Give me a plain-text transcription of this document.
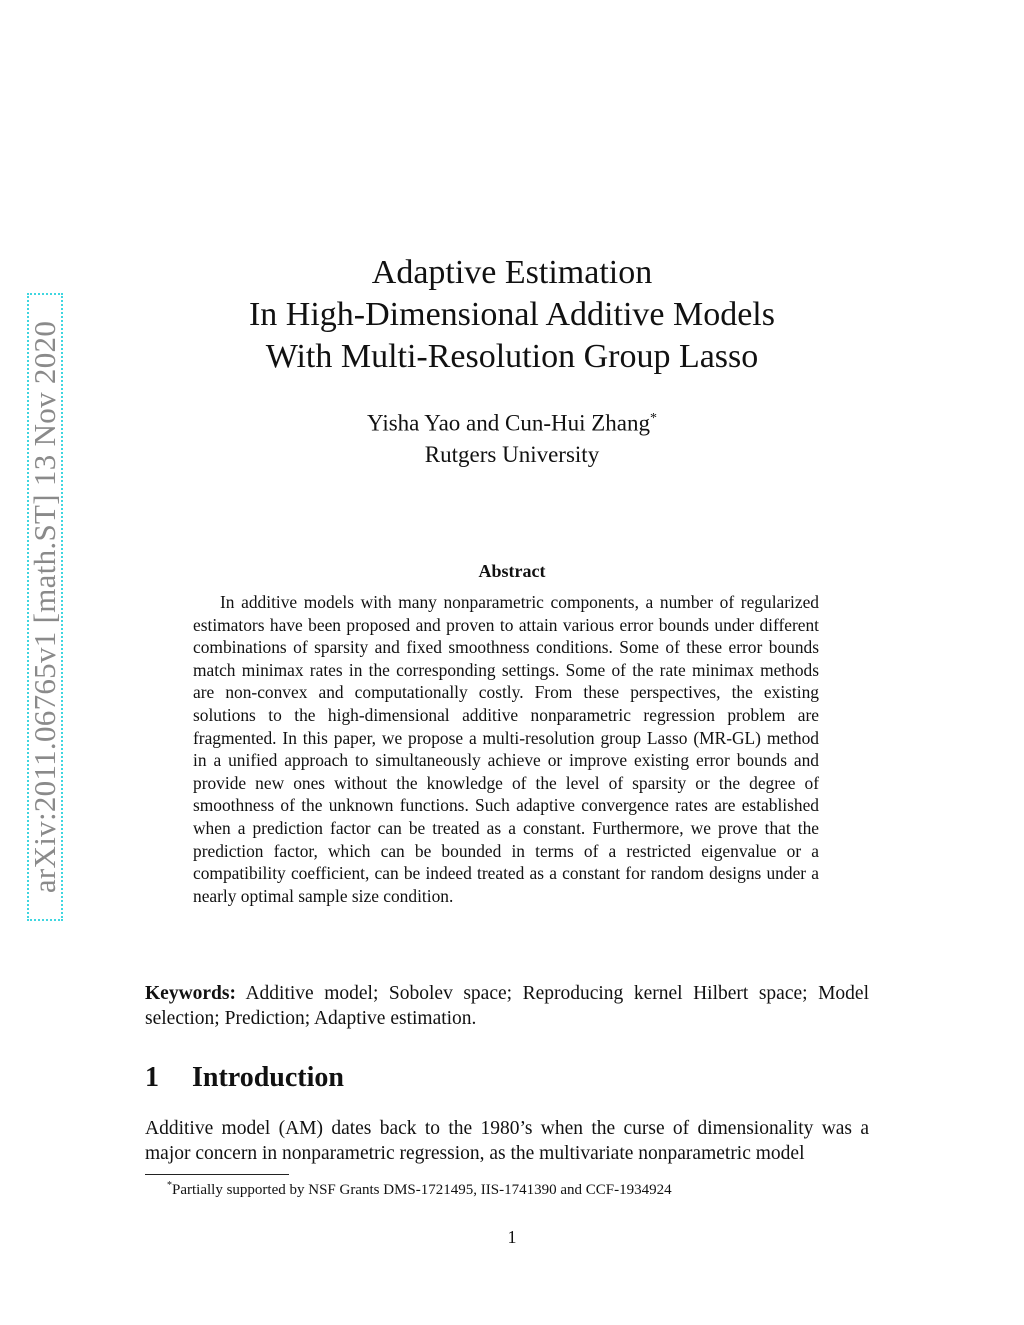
arXiv:2011.06765v1 [math.ST] 13 Nov 2020
Adaptive Estimation
In High-Dimensional Additive Models
With Multi-Resolution Group Lasso
Yisha Yao and Cun-Hui Zhang*
Rutgers University
Abstract

In additive models with many nonparametric components, a number of regularized estimators have been proposed and proven to attain various error bounds under different combinations of sparsity and fixed smoothness conditions. Some of these error bounds match minimax rates in the corresponding settings. Some of the rate minimax methods are non-convex and computationally costly. From these perspectives, the existing solutions to the high-dimensional additive nonparametric regression problem are fragmented. In this paper, we propose a multi-resolution group Lasso (MR-GL) method in a unified approach to simultaneously achieve or improve existing error bounds and provide new ones without the knowledge of the level of sparsity or the degree of smoothness of the unknown functions. Such adaptive convergence rates are established when a prediction factor can be treated as a constant. Furthermore, we prove that the prediction factor, which can be bounded in terms of a restricted eigenvalue or a compatibility coefficient, can be indeed treated as a constant for random designs under a nearly optimal sample size condition.

Keywords: Additive model; Sobolev space; Reproducing kernel Hilbert space; Model selection; Prediction; Adaptive estimation.

1 Introduction

Additive model (AM) dates back to the 1980’s when the curse of dimensionality was a major concern in nonparametric regression, as the multivariate nonparametric model

*Partially supported by NSF Grants DMS-1721495, IIS-1741390 and CCF-1934924
1
